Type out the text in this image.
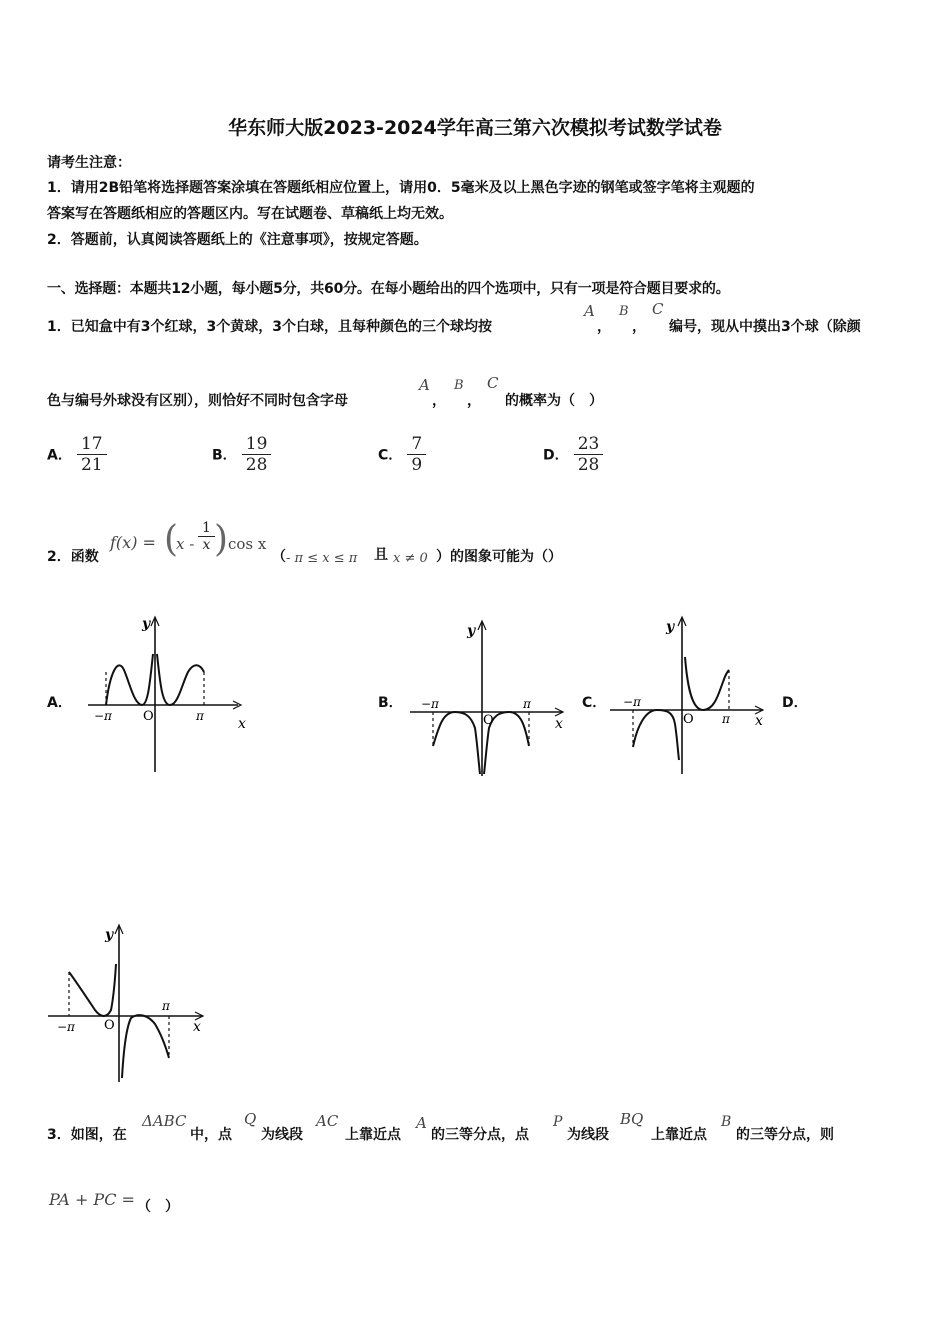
华东师大版2023-2024学年高三第六次模拟考试数学试卷
请考生注意：
1．请用2B铅笔将选择题答案涂填在答题纸相应位置上，请用0．5毫米及以上黑色字迹的钢笔或签字笔将主观题的
答案写在答题纸相应的答题区内。写在试题卷、草稿纸上均无效。
2．答题前，认真阅读答题纸上的《注意事项》，按规定答题。
一、选择题：本题共12小题，每小题5分，共60分。在每小题给出的四个选项中，只有一项是符合题目要求的。
1．已知盒中有3个红球，3个黄球，3个白球，且每种颜色的三个球均按
A
，
B
，
C
编号，现从中摸出3个球（除颜
色与编号外球没有区别），则恰好不同时包含字母
A
，
B
，
C
的概率为（　）
A． $\frac{17}{21}$	B． $\frac{19}{28}$	C． $\frac{7}{9}$	D． $\frac{23}{28}$
2．函数
f(x) = (
x - $\frac{1}{x}$ ) cos x
（ - π ≤ x ≤ π 且 x ≠ 0 ）的图象可能为（）
A．	B．	C．	D．
y
x
O
−π	π
y
x
O
−π	π
y
x
O
−π
π
y
x
O
−π
π
3．如图，在
ΔABC
中，点
Q
为线段
AC
上靠近点
A
的三等分点，点
P
为线段
BQ
上靠近点
B
的三等分点，则
PA + PC = （　）
